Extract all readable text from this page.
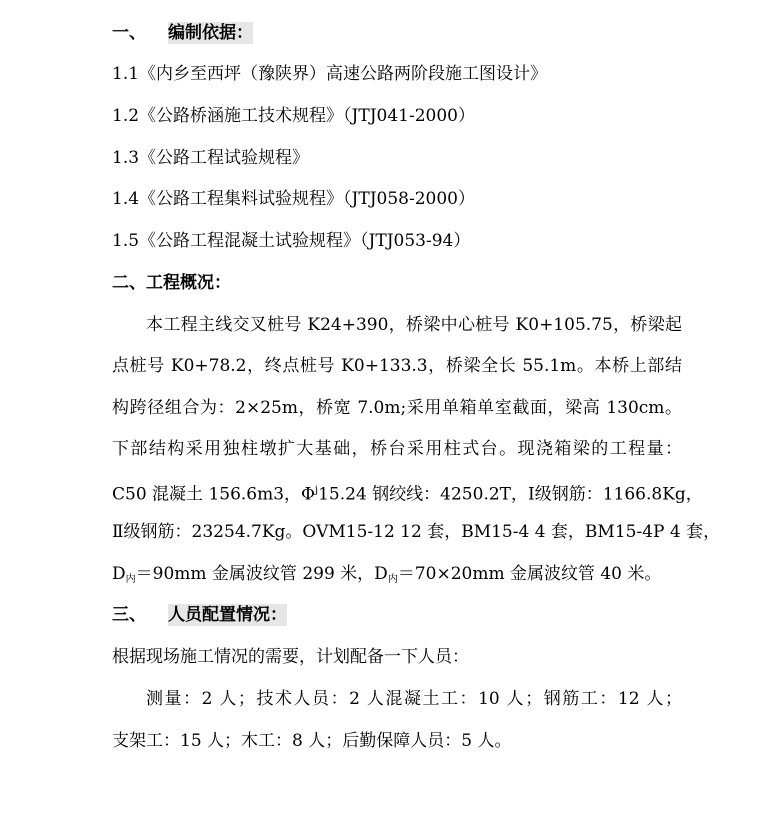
一、 编制依据：
1.1《内乡至西坪（豫陕界）高速公路两阶段施工图设计》
1.2《公路桥涵施工技术规程》（JTJ041-2000）
1.3《公路工程试验规程》
1.4《公路工程集料试验规程》（JTJ058-2000）
1.5《公路工程混凝土试验规程》（JTJ053-94）
二、工程概况：
本工程主线交叉桩号 K24+390，桥梁中心桩号 K0+105.75，桥梁起
点桩号 K0+78.2，终点桩号 K0+133.3，桥梁全长 55.1m。本桥上部结
构跨径组合为：2×25m，桥宽 7.0m;采用单箱单室截面，梁高 130cm。
下部结构采用独柱墩扩大基础，桥台采用柱式台。现浇箱梁的工程量：
C50 混凝土 156.6m3，$\Phi^j15.24$ 钢绞线：4250.2T，Ⅰ级钢筋：1166.8Kg，
Ⅱ级钢筋：23254.7Kg。OVM15-12 12 套，BM15-4 4 套，BM15-4P 4 套，
$D_内=90mm$ 金属波纹管 299 米，$D_内=70\times 20mm$ 金属波纹管 40 米。
三、 人员配置情况：
根据现场施工情况的需要，计划配备一下人员：
测量：2 人；技术人员：2 人混凝土工：10 人；钢筋工：12 人；
支架工：15 人；木工：8 人；后勤保障人员：5 人。
